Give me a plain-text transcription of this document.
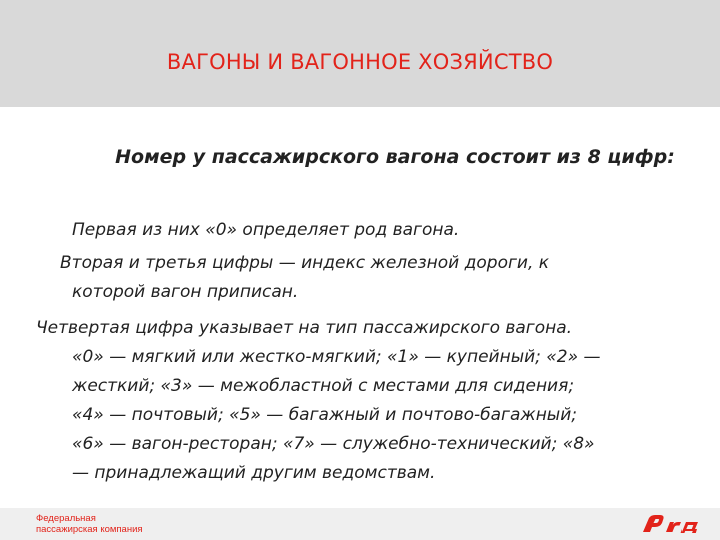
ВАГОНЫ И ВАГОННОЕ ХОЗЯЙСТВО

Номер у пассажирского вагона состоит из 8 цифр:

Первая из них «0» определяет род вагона.

Вторая и третья цифры — индекс железной дороги, к

которой вагон приписан.

Четвертая цифра указывает на тип пассажирского вагона.

«0» — мягкий или жестко-мягкий; «1» — купейный; «2» —

жесткий; «3» — межобластной с местами для сидения;

«4» — почтовый; «5» — багажный и почтово-багажный;

«6» — вагон-ресторан; «7» — служебно-технический; «8»

— принадлежащий другим ведомствам.

Федеральная
пассажирская компания
